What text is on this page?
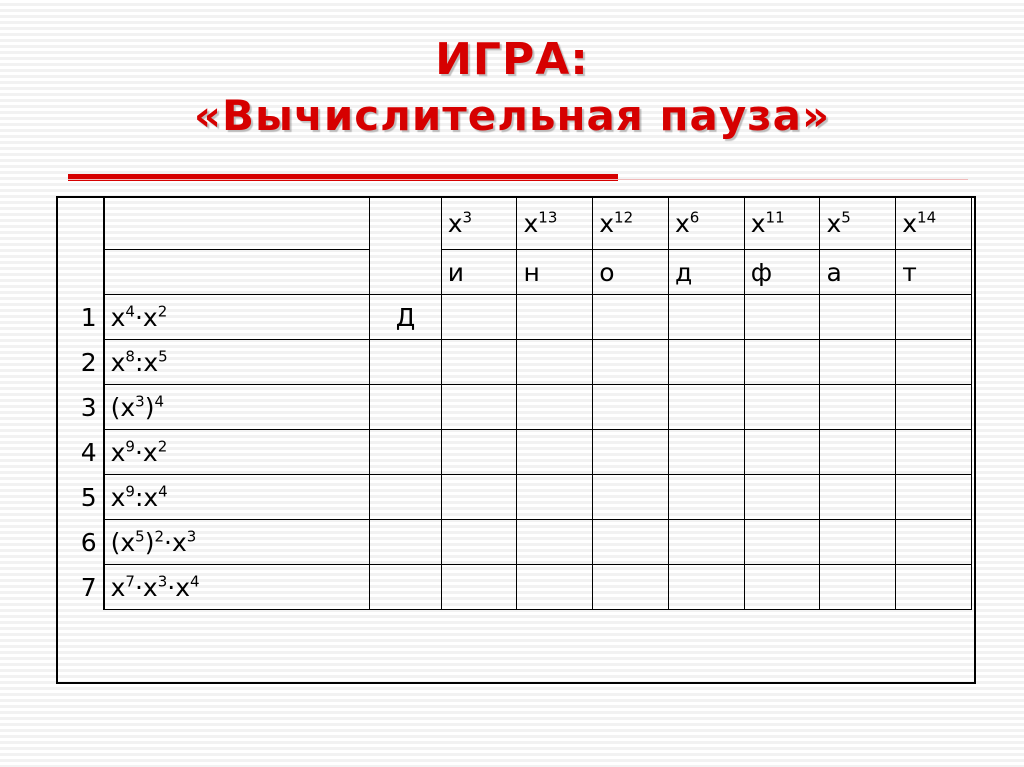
ИГРА:
«Вычислительная пауза»
			$x^3$	$x^{13}$	$x^{12}$	$x^6$	$x^{11}$	$x^5$	$x^{14}$
			и	н	о	д	ф	а	т
1	$x^4\cdot x^2$	Д							
2	$x^8:x^5$								
3	$(x^3)^4$								
4	$x^9\cdot x^2$								
5	$x^9:x^4$								
6	$(x^5)^2\cdot x^3$								
7	$x^7\cdot x^3\cdot x^4$								
